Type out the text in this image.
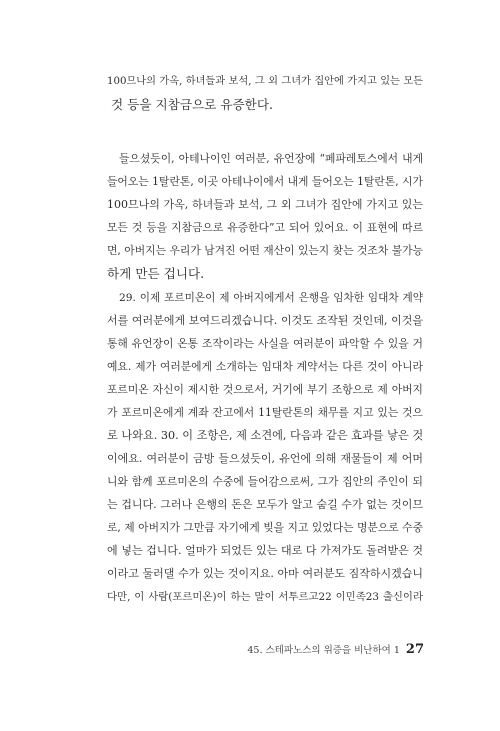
100므나의 가옥, 하녀들과 보석, 그 외 그녀가 집안에 가지고 있는 모든
것 등을 지참금으로 유증한다.
들으셨듯이, 아테나이인 여러분, 유언장에 “페파레토스에서 내게
들어오는 1탈란톤, 이곳 아테나이에서 내게 들어오는 1탈란톤, 시가
100므나의 가옥, 하녀들과 보석, 그 외 그녀가 집안에 가지고 있는
모든 것 등을 지참금으로 유증한다”고 되어 있어요. 이 표현에 따르
면, 아버지는 우리가 남겨진 어떤 재산이 있는지 찾는 것조차 불가능
하게 만든 겁니다.
29. 이제 포르미온이 제 아버지에게서 은행을 임차한 임대차 계약
서를 여러분에게 보여드리겠습니다. 이것도 조작된 것인데, 이것을
통해 유언장이 온통 조작이라는 사실을 여러분이 파악할 수 있을 거
예요. 제가 여러분에게 소개하는 임대차 계약서는 다른 것이 아니라
포르미온 자신이 제시한 것으로서, 거기에 부기 조항으로 제 아버지
가 포르미온에게 계좌 잔고에서 11탈란톤의 채무를 지고 있는 것으
로 나와요. 30. 이 조항은, 제 소견에, 다음과 같은 효과를 낳은 것
이에요. 여러분이 금방 들으셨듯이, 유언에 의해 재물들이 제 어머
니와 함께 포르미온의 수중에 들어감으로써, 그가 집안의 주인이 되
는 겁니다. 그러나 은행의 돈은 모두가 알고 숨길 수가 없는 것이므
로, 제 아버지가 그만큼 자기에게 빚을 지고 있었다는 명분으로 수중
에 넣는 겁니다. 얼마가 되었든 있는 대로 다 가져가도 돌려받은 것
이라고 둘러댈 수가 있는 것이지요. 아마 여러분도 짐작하시겠습니
다만, 이 사람(포르미온)이 하는 말이 서투르고22 이민족23 출신이라
45. 스테파노스의 위증을 비난하여 1 27
